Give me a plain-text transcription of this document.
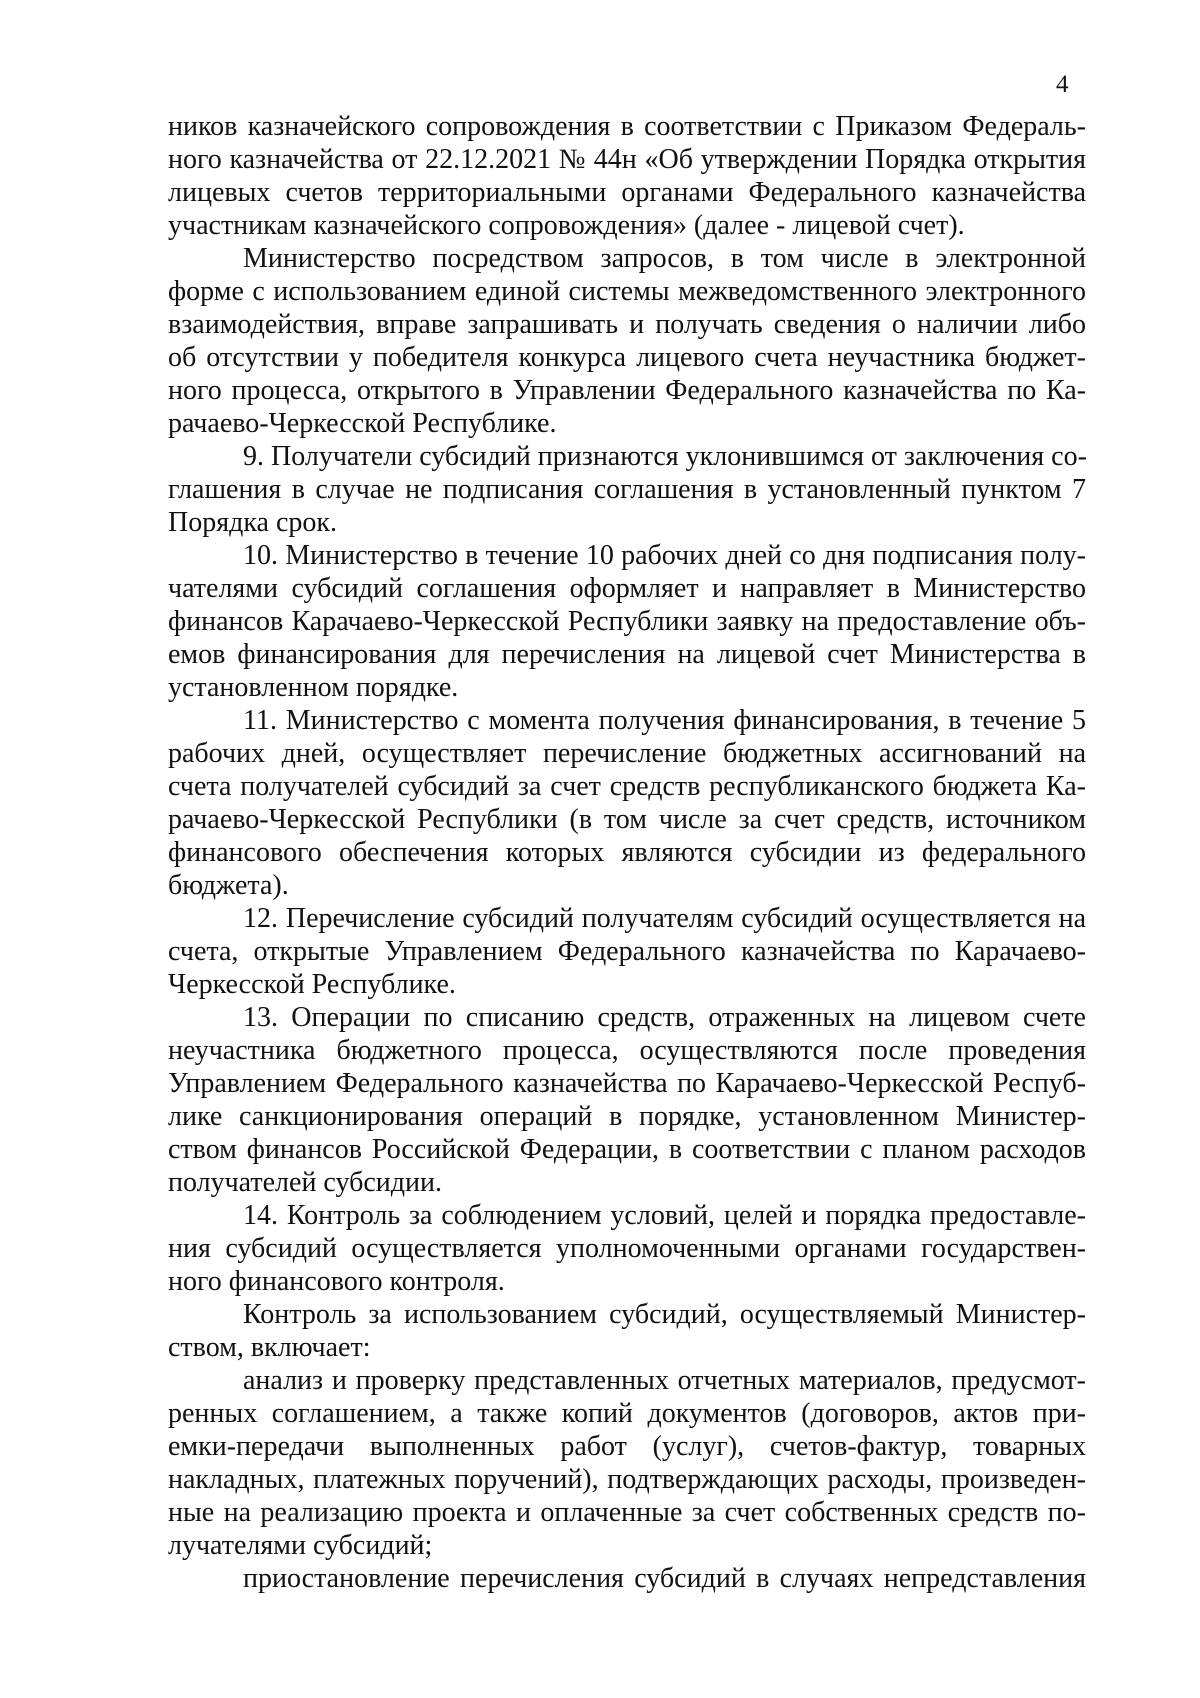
4
ников казначейского сопровождения в соответствии с Приказом Федераль-
ного казначейства от 22.12.2021 № 44н «Об утверждении Порядка открытия
лицевых счетов территориальными органами Федерального казначейства
участникам казначейского сопровождения» (далее - лицевой счет).
Министерство посредством запросов, в том числе в электронной
форме с использованием единой системы межведомственного электронного
взаимодействия, вправе запрашивать и получать сведения о наличии либо
об отсутствии у победителя конкурса лицевого счета неучастника бюджет-
ного процесса, открытого в Управлении Федерального казначейства по Ка-
рачаево-Черкесской Республике.
9. Получатели субсидий признаются уклонившимся от заключения со-
глашения в случае не подписания соглашения в установленный пунктом 7
Порядка срок.
10. Министерство в течение 10 рабочих дней со дня подписания полу-
чателями субсидий соглашения оформляет и направляет в Министерство
финансов Карачаево-Черкесской Республики заявку на предоставление объ-
емов финансирования для перечисления на лицевой счет Министерства в
установленном порядке.
11. Министерство с момента получения финансирования, в течение 5
рабочих дней, осуществляет перечисление бюджетных ассигнований на
счета получателей субсидий за счет средств республиканского бюджета Ка-
рачаево-Черкесской Республики (в том числе за счет средств, источником
финансового обеспечения которых являются субсидии из федерального
бюджета).
12. Перечисление субсидий получателям субсидий осуществляется на
счета, открытые Управлением Федерального казначейства по Карачаево-
Черкесской Республике.
13. Операции по списанию средств, отраженных на лицевом счете
неучастника бюджетного процесса, осуществляются после проведения
Управлением Федерального казначейства по Карачаево-Черкесской Респуб-
лике санкционирования операций в порядке, установленном Министер-
ством финансов Российской Федерации, в соответствии с планом расходов
получателей субсидии.
14. Контроль за соблюдением условий, целей и порядка предоставле-
ния субсидий осуществляется уполномоченными органами государствен-
ного финансового контроля.
Контроль за использованием субсидий, осуществляемый Министер-
ством, включает:
анализ и проверку представленных отчетных материалов, предусмот-
ренных соглашением, а также копий документов (договоров, актов при-
емки-передачи выполненных работ (услуг), счетов-фактур, товарных
накладных, платежных поручений), подтверждающих расходы, произведен-
ные на реализацию проекта и оплаченные за счет собственных средств по-
лучателями субсидий;
приостановление перечисления субсидий в случаях непредставления
